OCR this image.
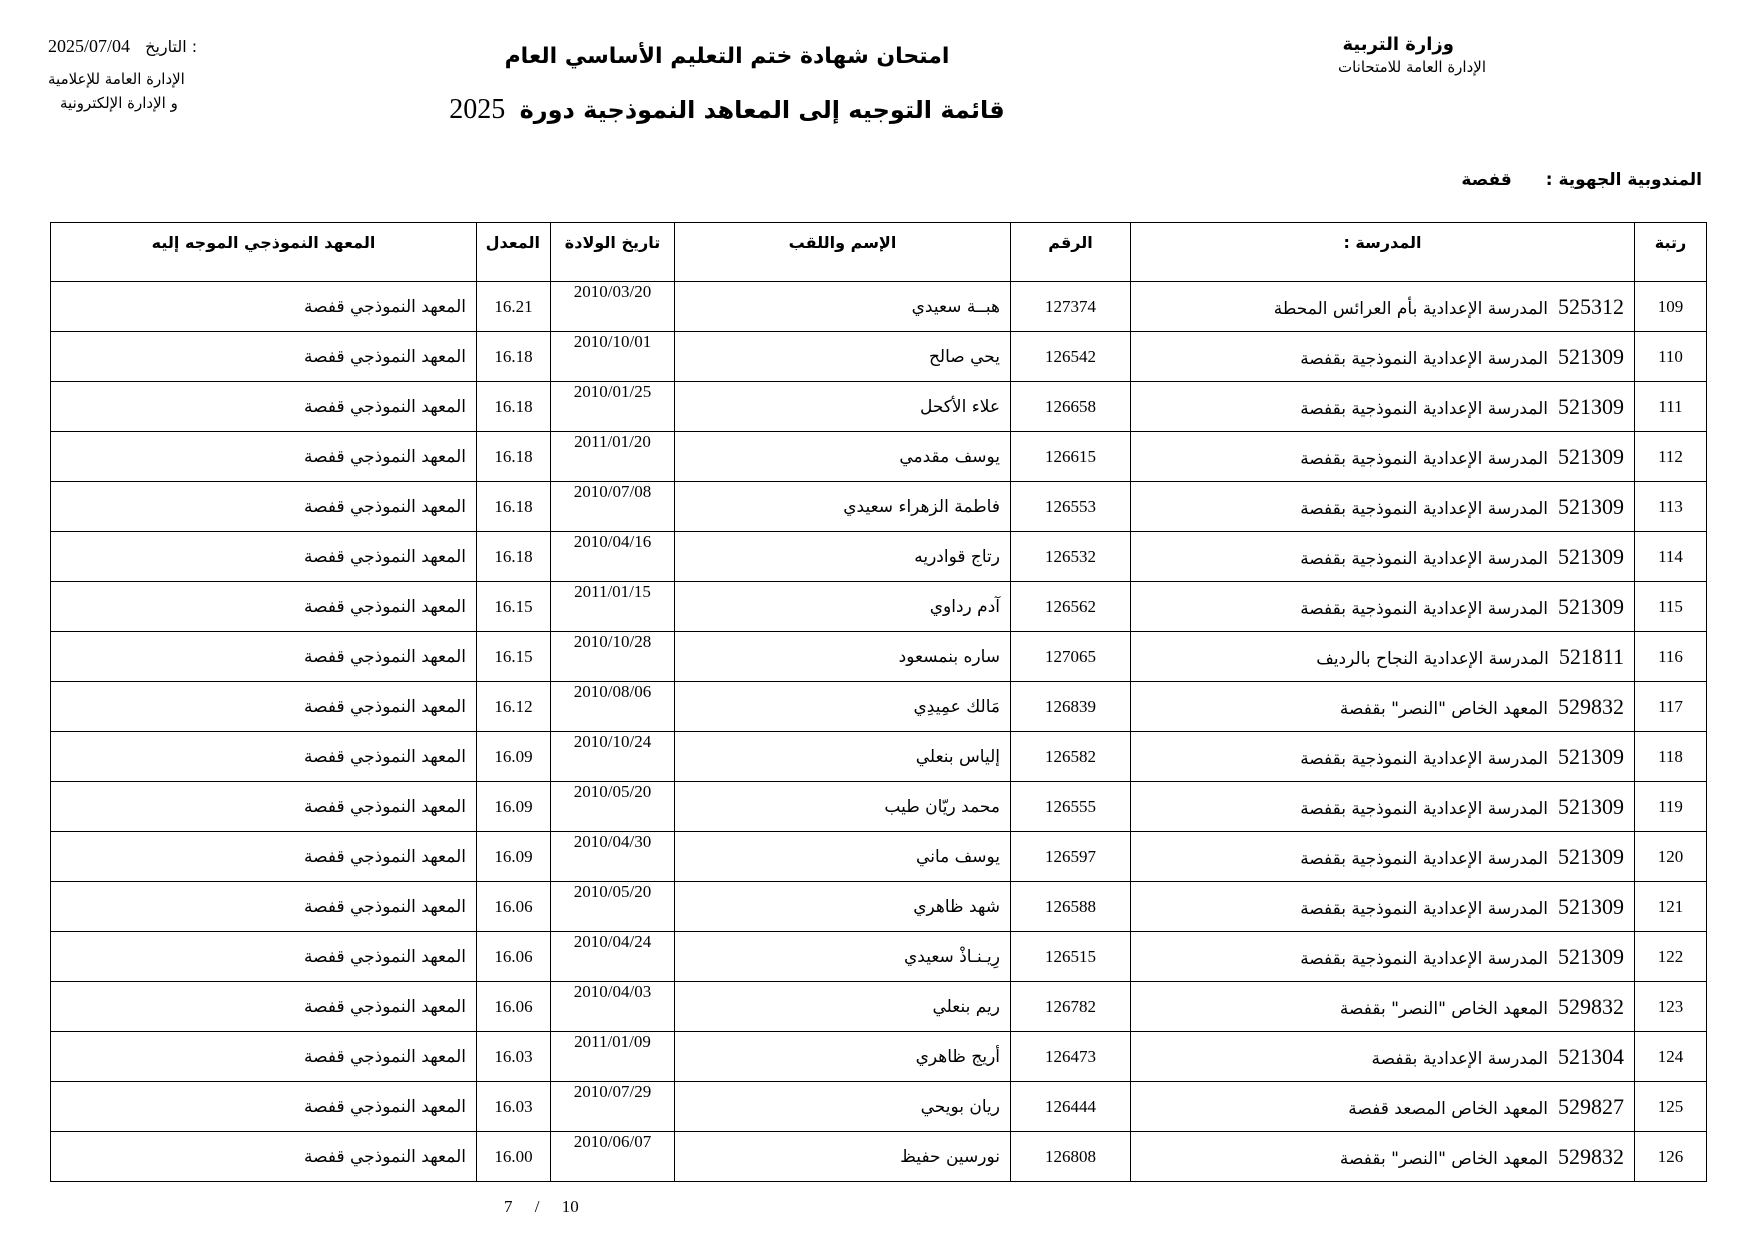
وزارة التربية
الإدارة العامة للامتحانات
امتحان شهادة ختم التعليم الأساسي العام
قائمة التوجيه إلى المعاهد النموذجية دورة 2025
2025/07/04 التاريخ :
الإدارة العامة للإعلامية
و الإدارة الإلكترونية
المندوبية الجهوية : قفصة
رتبة	المدرسة :	الرقم	الإسم واللقب	تاريخ الولادة	المعدل	المعهد النموذجي الموجه إليه
109	525312المدرسة الإعدادية بأم العرائس المحطة	127374	هبــة سعيدي	2010/03/20	16.21	المعهد النموذجي قفصة
110	521309المدرسة الإعدادية النموذجية بقفصة	126542	يحي صالح	2010/10/01	16.18	المعهد النموذجي قفصة
111	521309المدرسة الإعدادية النموذجية بقفصة	126658	علاء الأكحل	2010/01/25	16.18	المعهد النموذجي قفصة
112	521309المدرسة الإعدادية النموذجية بقفصة	126615	يوسف مقدمي	2011/01/20	16.18	المعهد النموذجي قفصة
113	521309المدرسة الإعدادية النموذجية بقفصة	126553	فاطمة الزهراء سعيدي	2010/07/08	16.18	المعهد النموذجي قفصة
114	521309المدرسة الإعدادية النموذجية بقفصة	126532	رتاج قوادريه	2010/04/16	16.18	المعهد النموذجي قفصة
115	521309المدرسة الإعدادية النموذجية بقفصة	126562	آدم رداوي	2011/01/15	16.15	المعهد النموذجي قفصة
116	521811المدرسة الإعدادية النجاح بالرديف	127065	ساره بنمسعود	2010/10/28	16.15	المعهد النموذجي قفصة
117	529832المعهد الخاص "النصر" بقفصة	126839	مَالك عمِيدِي	2010/08/06	16.12	المعهد النموذجي قفصة
118	521309المدرسة الإعدادية النموذجية بقفصة	126582	إلياس بنعلي	2010/10/24	16.09	المعهد النموذجي قفصة
119	521309المدرسة الإعدادية النموذجية بقفصة	126555	محمد ريّان طيب	2010/05/20	16.09	المعهد النموذجي قفصة
120	521309المدرسة الإعدادية النموذجية بقفصة	126597	يوسف ماني	2010/04/30	16.09	المعهد النموذجي قفصة
121	521309المدرسة الإعدادية النموذجية بقفصة	126588	شهد ظاهري	2010/05/20	16.06	المعهد النموذجي قفصة
122	521309المدرسة الإعدادية النموذجية بقفصة	126515	رِيـنـاذْ سعيدي	2010/04/24	16.06	المعهد النموذجي قفصة
123	529832المعهد الخاص "النصر" بقفصة	126782	ريم بنعلي	2010/04/03	16.06	المعهد النموذجي قفصة
124	521304المدرسة الإعدادية بقفصة	126473	أريج ظاهري	2011/01/09	16.03	المعهد النموذجي قفصة
125	529827المعهد الخاص المصعد قفصة	126444	ريان بويحي	2010/07/29	16.03	المعهد النموذجي قفصة
126	529832المعهد الخاص "النصر" بقفصة	126808	نورسين حفيظ	2010/06/07	16.00	المعهد النموذجي قفصة
7 / 10
